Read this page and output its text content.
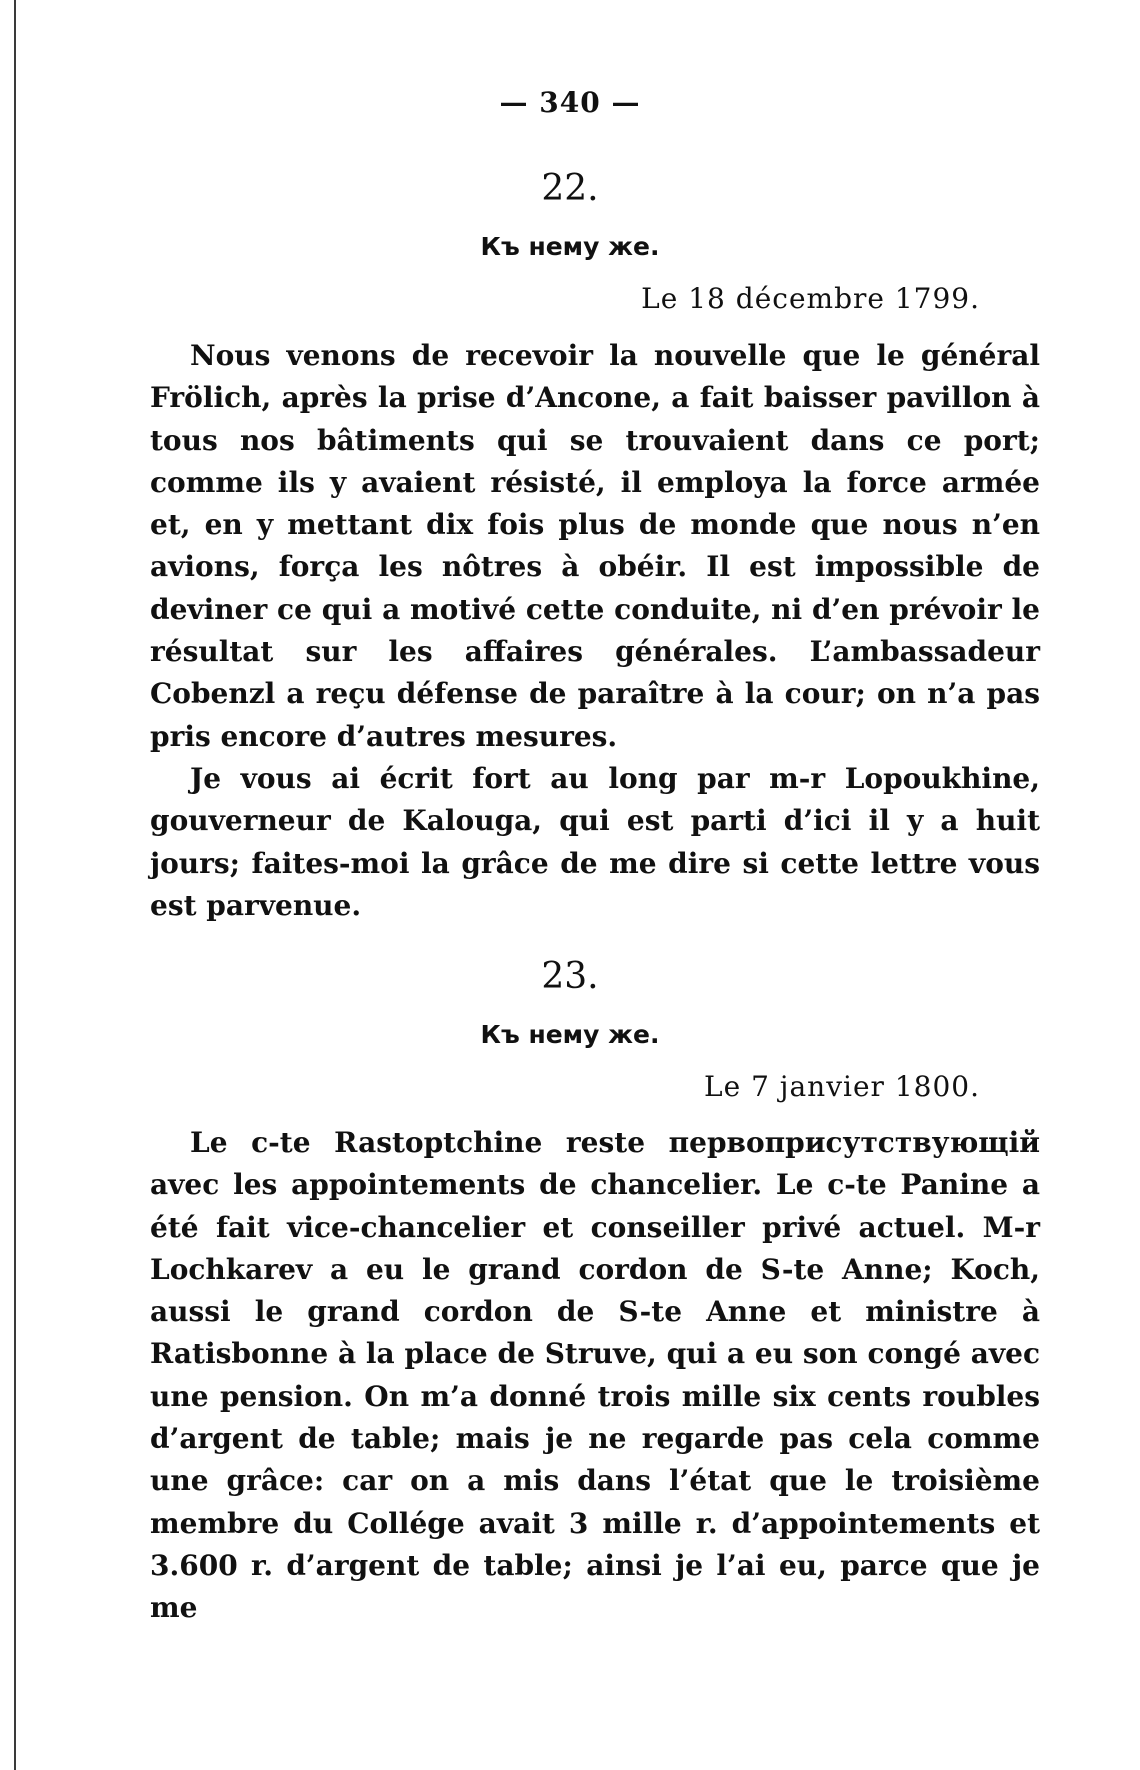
— 340 —
22.
Къ нему же.
Le 18 décembre 1799.

Nous venons de recevoir la nouvelle que le général Frölich, après la prise d’Ancone, a fait baisser pavillon à tous nos bâtiments qui se trouvaient dans ce port; comme ils y avaient résisté, il employa la force armée et, en y mettant dix fois plus de monde que nous n’en avions, força les nôtres à obéir. Il est impossible de deviner ce qui a motivé cette conduite, ni d’en prévoir le résultat sur les affaires générales. L’ambassadeur Cobenzl a reçu défense de paraître à la cour; on n’a pas pris encore d’autres mesures.

Je vous ai écrit fort au long par m-r Lopoukhine, gouverneur de Kalouga, qui est parti d’ici il y a huit jours; faites-moi la grâce de me dire si cette lettre vous est parvenue.

23.
Къ нему же.
Le 7 janvier 1800.

Le c-te Rastoptchine reste первоприсутствующій avec les appointements de chancelier. Le c-te Panine a été fait vice-chancelier et conseiller privé actuel. M-r Lochkarev a eu le grand cordon de S-te Anne; Koch, aussi le grand cordon de S-te Anne et ministre à Ratisbonne à la place de Struve, qui a eu son congé avec une pension. On m’a donné trois mille six cents roubles d’argent de table; mais je ne regarde pas cela comme une grâce: car on a mis dans l’état que le troisième membre du Collége avait 3 mille r. d’appointements et 3.600 r. d’argent de table; ainsi je l’ai eu, parce que je me
